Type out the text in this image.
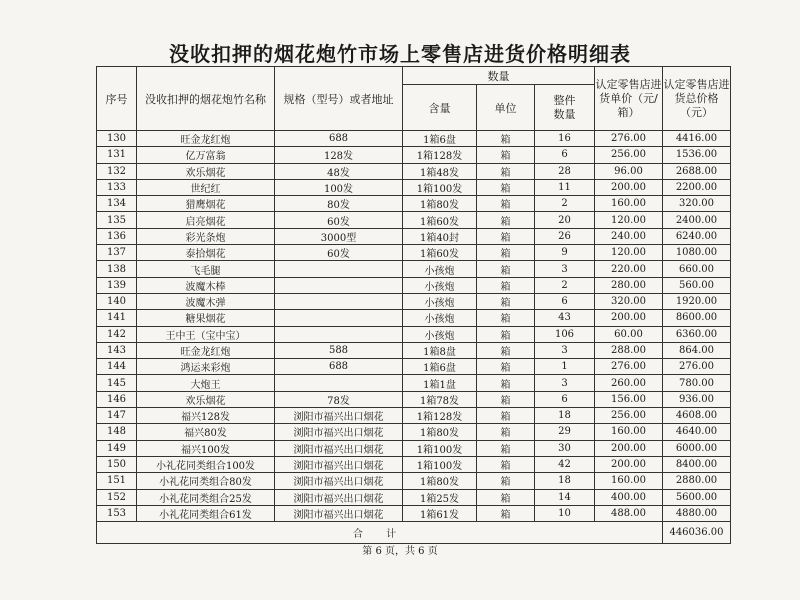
没收扣押的烟花炮竹市场上零售店进货价格明细表
序号	没收扣押的烟花炮竹名称	规格（型号）或者地址	数量			认定零售店进货单价（元/箱）	认定零售店进货总价格（元）
			含量	单位	整件数量		
130	旺金龙红炮	688	1箱6盘	箱	16	276.00	4416.00
131	亿万富翁	128发	1箱128发	箱	6	256.00	1536.00
132	欢乐烟花	48发	1箱48发	箱	28	96.00	2688.00
133	世纪红	100发	1箱100发	箱	11	200.00	2200.00
134	猎鹰烟花	80发	1箱80发	箱	2	160.00	320.00
135	启亮烟花	60发	1箱60发	箱	20	120.00	2400.00
136	彩光条炮	3000型	1箱40封	箱	26	240.00	6240.00
137	泰拾烟花	60发	1箱60发	箱	9	120.00	1080.00
138	飞毛腿		小孩炮	箱	3	220.00	660.00
139	波魔木棒		小孩炮	箱	2	280.00	560.00
140	波魔木弹		小孩炮	箱	6	320.00	1920.00
141	糖果烟花		小孩炮	箱	43	200.00	8600.00
142	王中王（宝中宝）		小孩炮	箱	106	60.00	6360.00
143	旺金龙红炮	588	1箱8盘	箱	3	288.00	864.00
144	鸿运来彩炮	688	1箱6盘	箱	1	276.00	276.00
145	大炮王		1箱1盘	箱	3	260.00	780.00
146	欢乐烟花	78发	1箱78发	箱	6	156.00	936.00
147	福兴128发	浏阳市福兴出口烟花	1箱128发	箱	18	256.00	4608.00
148	福兴80发	浏阳市福兴出口烟花	1箱80发	箱	29	160.00	4640.00
149	福兴100发	浏阳市福兴出口烟花	1箱100发	箱	30	200.00	6000.00
150	小礼花同类组合100发	浏阳市福兴出口烟花	1箱100发	箱	42	200.00	8400.00
151	小礼花同类组合80发	浏阳市福兴出口烟花	1箱80发	箱	18	160.00	2880.00
152	小礼花同类组合25发	浏阳市福兴出口烟花	1箱25发	箱	14	400.00	5600.00
153	小礼花同类组合61发	浏阳市福兴出口烟花	1箱61发	箱	10	488.00	4880.00
合 计							446036.00
第 6 页，共 6 页
